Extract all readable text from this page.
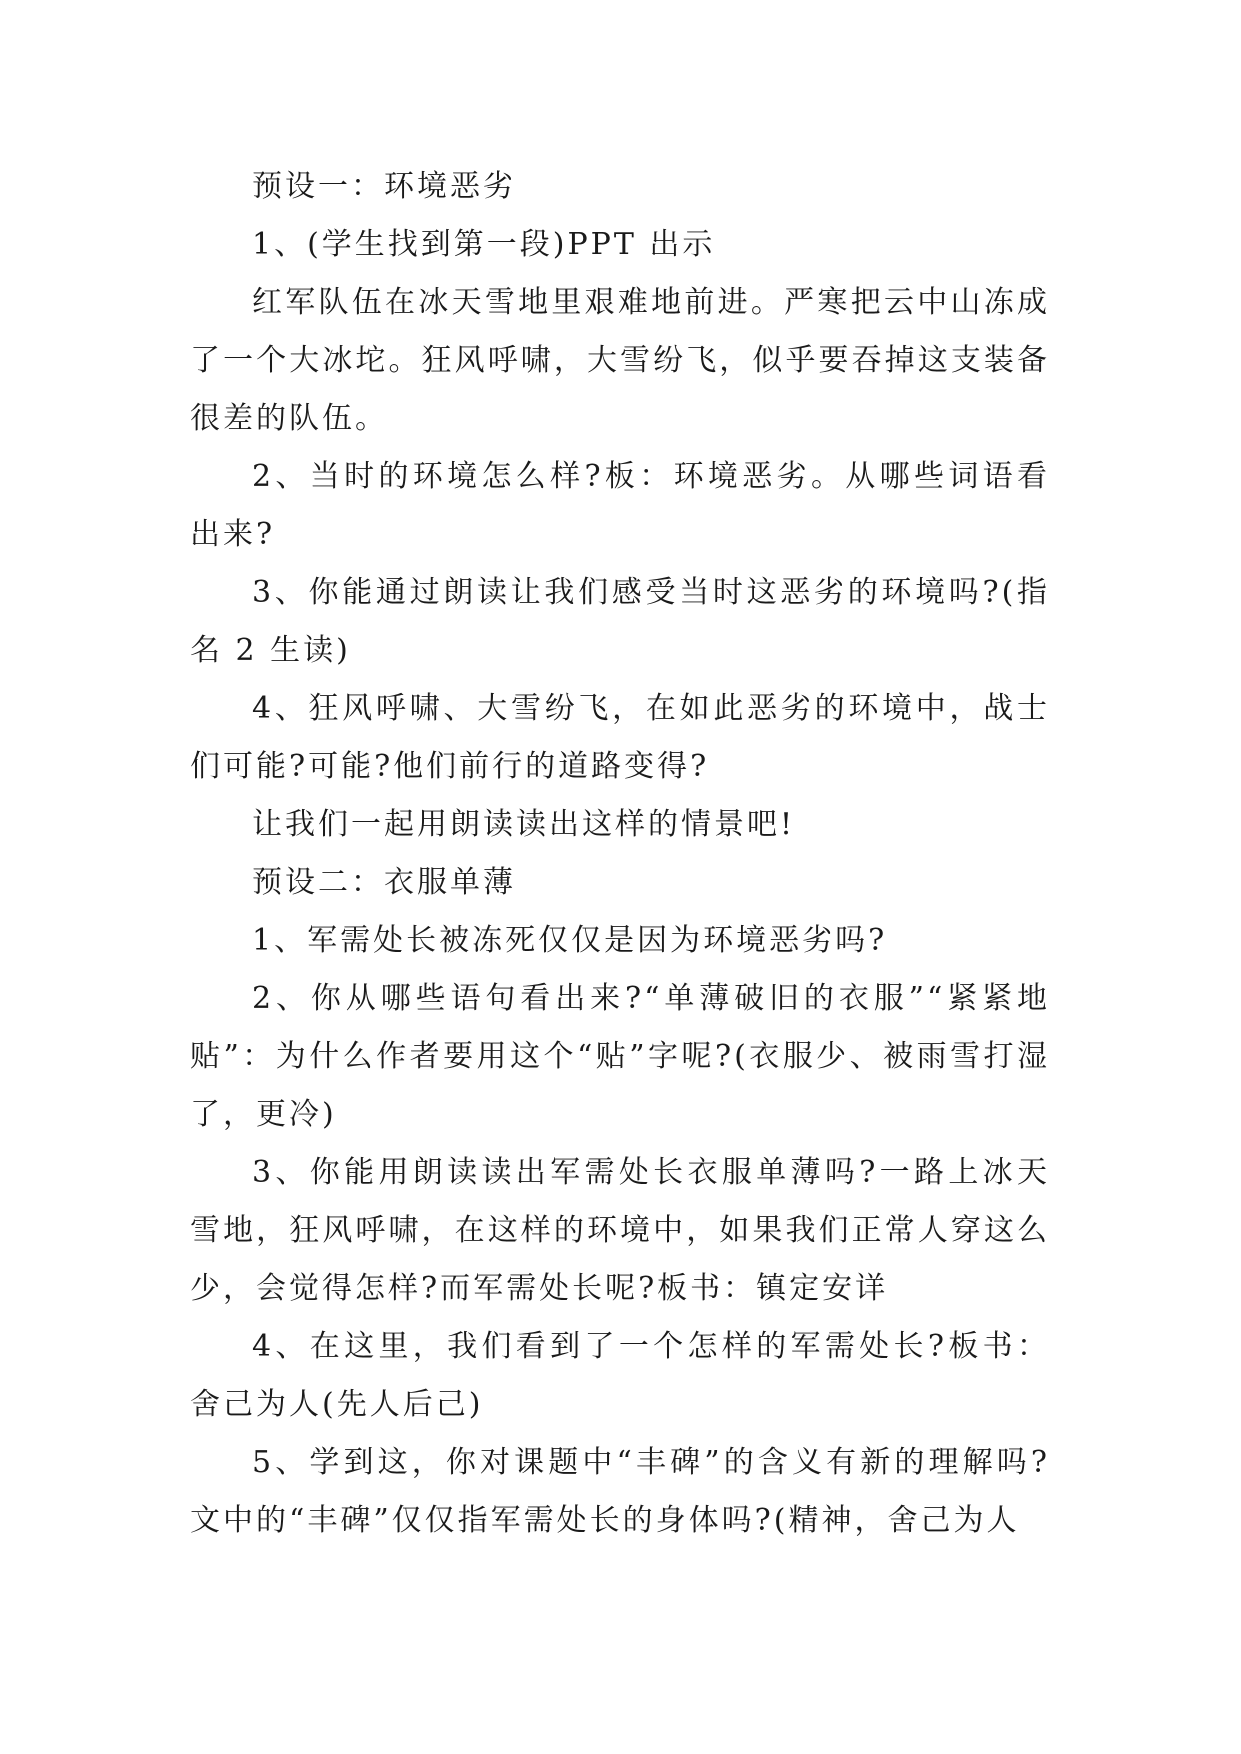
预设一：环境恶劣

1、(学生找到第一段)PPT 出示

红军队伍在冰天雪地里艰难地前进。严寒把云中山冻成了一个大冰坨。狂风呼啸，大雪纷飞，似乎要吞掉这支装备很差的队伍。

2、当时的环境怎么样?板：环境恶劣。从哪些词语看出来?

3、你能通过朗读让我们感受当时这恶劣的环境吗?(指名 2 生读)

4、狂风呼啸、大雪纷飞，在如此恶劣的环境中，战士们可能?可能?他们前行的道路变得?

让我们一起用朗读读出这样的情景吧!

预设二：衣服单薄

1、军需处长被冻死仅仅是因为环境恶劣吗?

2、你从哪些语句看出来?“单薄破旧的衣服”“紧紧地贴”：为什么作者要用这个“贴”字呢?(衣服少、被雨雪打湿了，更冷)

3、你能用朗读读出军需处长衣服单薄吗?一路上冰天雪地，狂风呼啸，在这样的环境中，如果我们正常人穿这么少，会觉得怎样?而军需处长呢?板书：镇定安详

4、在这里，我们看到了一个怎样的军需处长?板书：舍己为人(先人后己)

5、学到这，你对课题中“丰碑”的含义有新的理解吗?文中的“丰碑”仅仅指军需处长的身体吗?(精神，舍己为人
